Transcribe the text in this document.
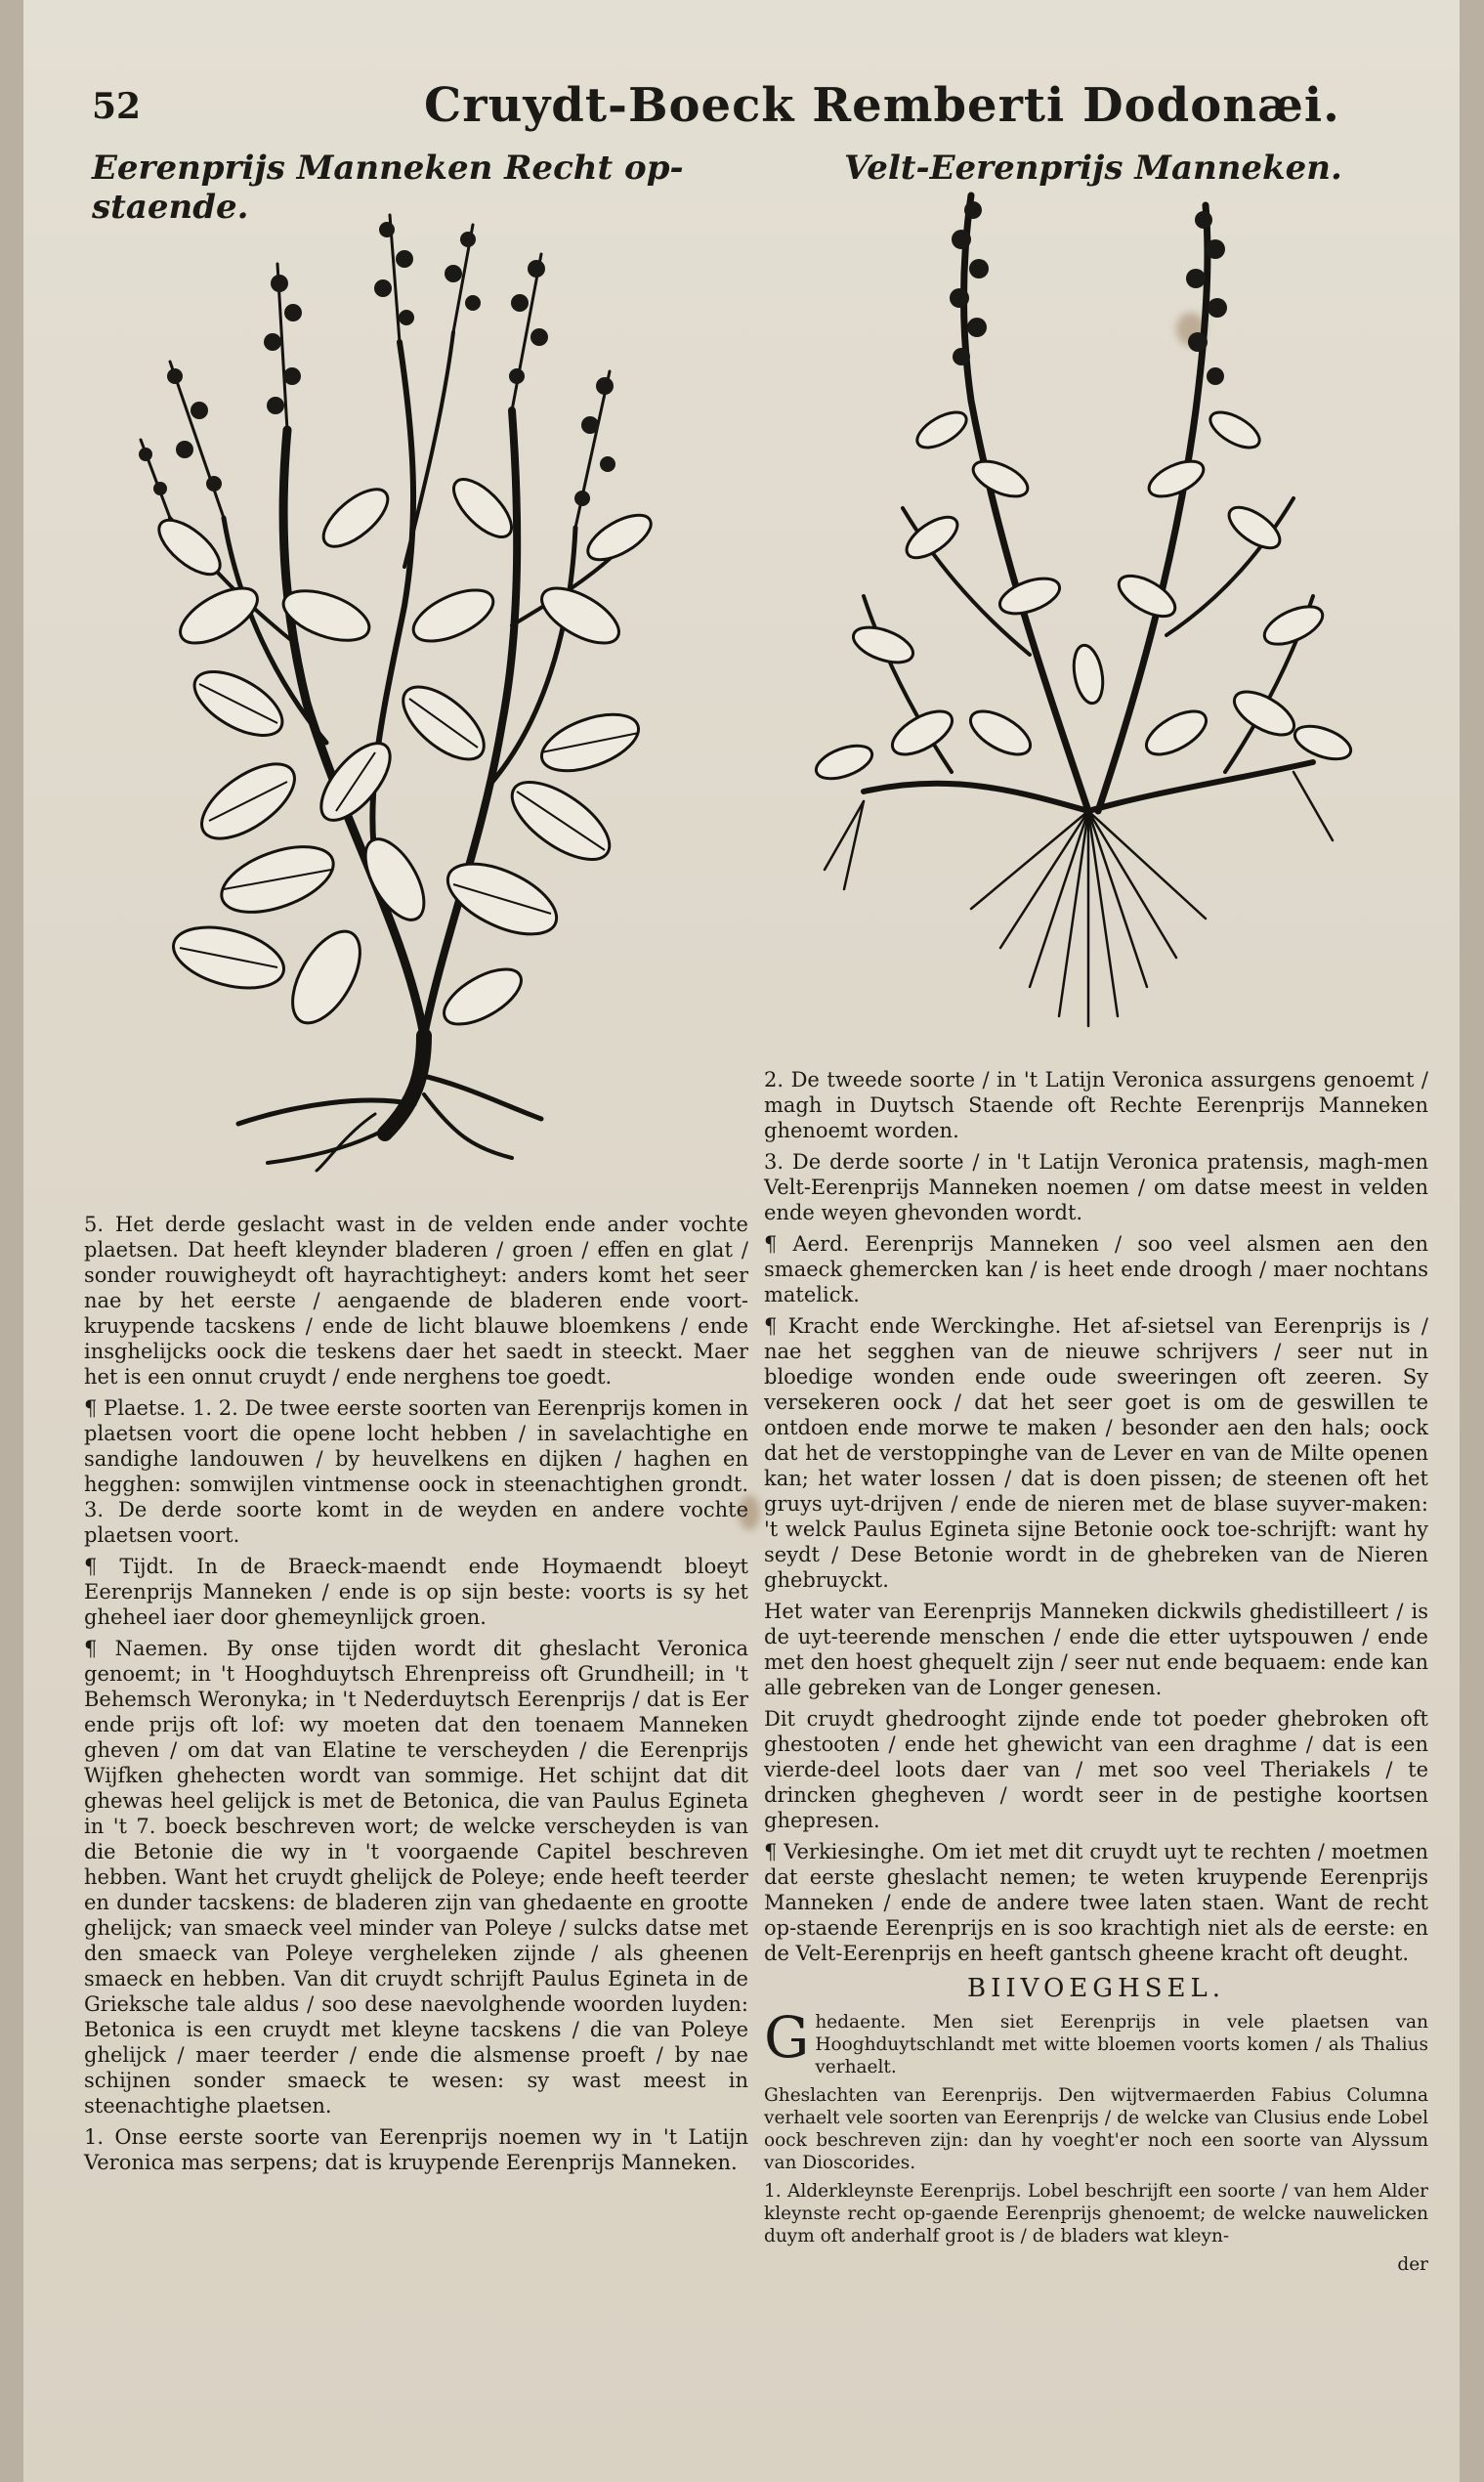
52	Cruydt-Boeck Remberti Dodonæi.
Eerenprijs Manneken Recht op-staende.
Velt-Eerenprijs Manneken.

5. Het derde geslacht wast in de velden ende ander vochte plaetsen. Dat heeft kleynder bladeren / groen / effen en glat / sonder rouwigheydt oft hayrachtigheyt: anders komt het seer nae by het eerste / aengaende de bladeren ende voort-kruypende tacskens / ende de licht blauwe bloemkens / ende insghelijcks oock die teskens daer het saedt in steeckt. Maer het is een onnut cruydt / ende nerghens toe goedt.

¶ Plaetse. 1. 2. De twee eerste soorten van Eerenprijs komen in plaetsen voort die opene locht hebben / in savelachtighe en sandighe landouwen / by heuvelkens en dijken / haghen en hegghen: somwijlen vintmense oock in steenachtighen grondt. 3. De derde soorte komt in de weyden en andere vochte plaetsen voort.

¶ Tijdt. In de Braeck-maendt ende Hoymaendt bloeyt Eerenprijs Manneken / ende is op sijn beste: voorts is sy het gheheel iaer door ghemeynlijck groen.

¶ Naemen. By onse tijden wordt dit gheslacht Veronica genoemt; in 't Hooghduytsch Ehrenpreiss oft Grundheill; in 't Behemsch Weronyka; in 't Nederduytsch Eerenprijs / dat is Eer ende prijs oft lof: wy moeten dat den toenaem Manneken gheven / om dat van Elatine te verscheyden / die Eerenprijs Wijfken ghehecten wordt van sommige. Het schijnt dat dit ghewas heel gelijck is met de Betonica, die van Paulus Egineta in 't 7. boeck beschreven wort; de welcke verscheyden is van die Betonie die wy in 't voorgaende Capitel beschreven hebben. Want het cruydt ghelijck de Poleye; ende heeft teerder en dunder tacskens: de bladeren zijn van ghedaente en grootte ghelijck; van smaeck veel minder van Poleye / sulcks datse met den smaeck van Poleye vergheleken zijnde / als gheenen smaeck en hebben. Van dit cruydt schrijft Paulus Egineta in de Grieksche tale aldus / soo dese naevolghende woorden luyden: Betonica is een cruydt met kleyne tacskens / die van Poleye ghelijck / maer teerder / ende die alsmense proeft / by nae schijnen sonder smaeck te wesen: sy wast meest in steenachtighe plaetsen.

1. Onse eerste soorte van Eerenprijs noemen wy in 't Latijn Veronica mas serpens; dat is kruypende Eerenprijs Manneken.

2. De tweede soorte / in 't Latijn Veronica assurgens genoemt / magh in Duytsch Staende oft Rechte Eerenprijs Manneken ghenoemt worden.

3. De derde soorte / in 't Latijn Veronica pratensis, magh-men Velt-Eerenprijs Manneken noemen / om datse meest in velden ende weyen ghevonden wordt.

¶ Aerd. Eerenprijs Manneken / soo veel alsmen aen den smaeck ghemercken kan / is heet ende droogh / maer nochtans matelick.

¶ Kracht ende Werckinghe. Het af-sietsel van Eerenprijs is / nae het segghen van de nieuwe schrijvers / seer nut in bloedige wonden ende oude sweeringen oft zeeren. Sy versekeren oock / dat het seer goet is om de geswillen te ontdoen ende morwe te maken / besonder aen den hals; oock dat het de verstoppinghe van de Lever en van de Milte openen kan; het water lossen / dat is doen pissen; de steenen oft het gruys uyt-drijven / ende de nieren met de blase suyver-maken: 't welck Paulus Egineta sijne Betonie oock toe-schrijft: want hy seydt / Dese Betonie wordt in de ghebreken van de Nieren ghebruyckt.

Het water van Eerenprijs Manneken dickwils ghedistilleert / is de uyt-teerende menschen / ende die etter uytspouwen / ende met den hoest ghequelt zijn / seer nut ende bequaem: ende kan alle gebreken van de Longer genesen.

Dit cruydt ghedrooght zijnde ende tot poeder ghebroken oft ghestooten / ende het ghewicht van een draghme / dat is een vierde-deel loots daer van / met soo veel Theriakels / te drincken ghegheven / wordt seer in de pestighe koortsen ghepresen.

¶ Verkiesinghe. Om iet met dit cruydt uyt te rechten / moetmen dat eerste gheslacht nemen; te weten kruypende Eerenprijs Manneken / ende de andere twee laten staen. Want de recht op-staende Eerenprijs en is soo krachtigh niet als de eerste: en de Velt-Eerenprijs en heeft gantsch gheene kracht oft deught.

BIIVOEGHSEL.

Ghedaente. Men siet Eerenprijs in vele plaetsen van Hooghduytschlandt met witte bloemen voorts komen / als Thalius verhaelt.

Gheslachten van Eerenprijs. Den wijtvermaerden Fabius Columna verhaelt vele soorten van Eerenprijs / de welcke van Clusius ende Lobel oock beschreven zijn: dan hy voeght'er noch een soorte van Alyssum van Dioscorides.

1. Alderkleynste Eerenprijs. Lobel beschrijft een soorte / van hem Alder kleynste recht op-gaende Eerenprijs ghenoemt; de welcke nauwelicken duym oft anderhalf groot is / de bladers wat kleyn-

der
